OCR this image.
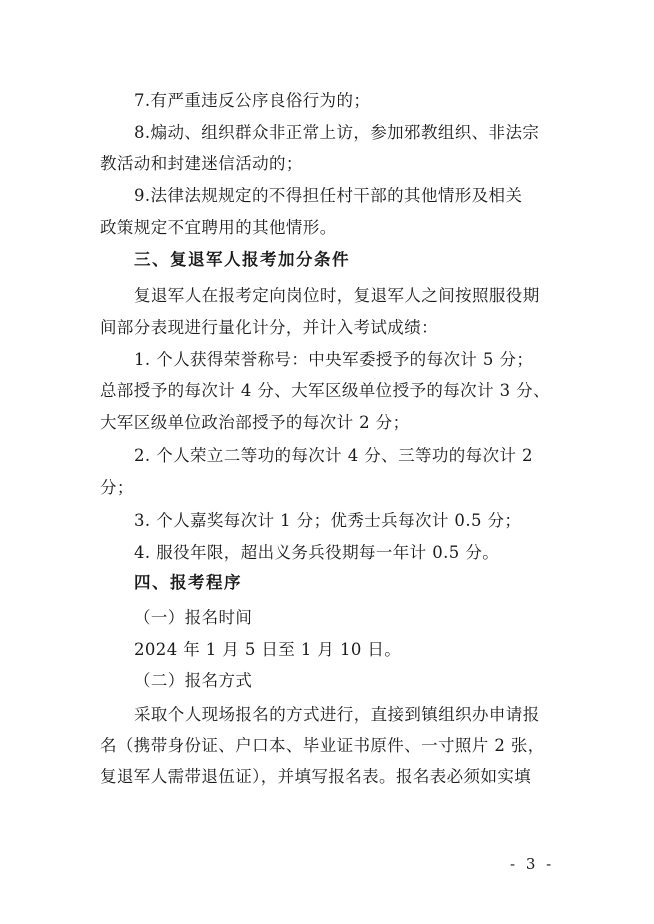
7.有严重违反公序良俗行为的；
8.煽动、组织群众非正常上访，参加邪教组织、非法宗
教活动和封建迷信活动的；
9.法律法规规定的不得担任村干部的其他情形及相关
政策规定不宜聘用的其他情形。
三、复退军人报考加分条件
复退军人在报考定向岗位时，复退军人之间按照服役期
间部分表现进行量化计分，并计入考试成绩：
1. 个人获得荣誉称号：中央军委授予的每次计 5 分；
总部授予的每次计 4 分、大军区级单位授予的每次计 3 分、
大军区级单位政治部授予的每次计 2 分；
2. 个人荣立二等功的每次计 4 分、三等功的每次计 2
分；
3. 个人嘉奖每次计 1 分；优秀士兵每次计 0.5 分；
4. 服役年限，超出义务兵役期每一年计 0.5 分。
四、报考程序
（一）报名时间
2024 年 1 月 5 日至 1 月 10 日。
（二）报名方式
采取个人现场报名的方式进行，直接到镇组织办申请报
名（携带身份证、户口本、毕业证书原件、一寸照片 2 张，
复退军人需带退伍证），并填写报名表。报名表必须如实填
- 3 -
